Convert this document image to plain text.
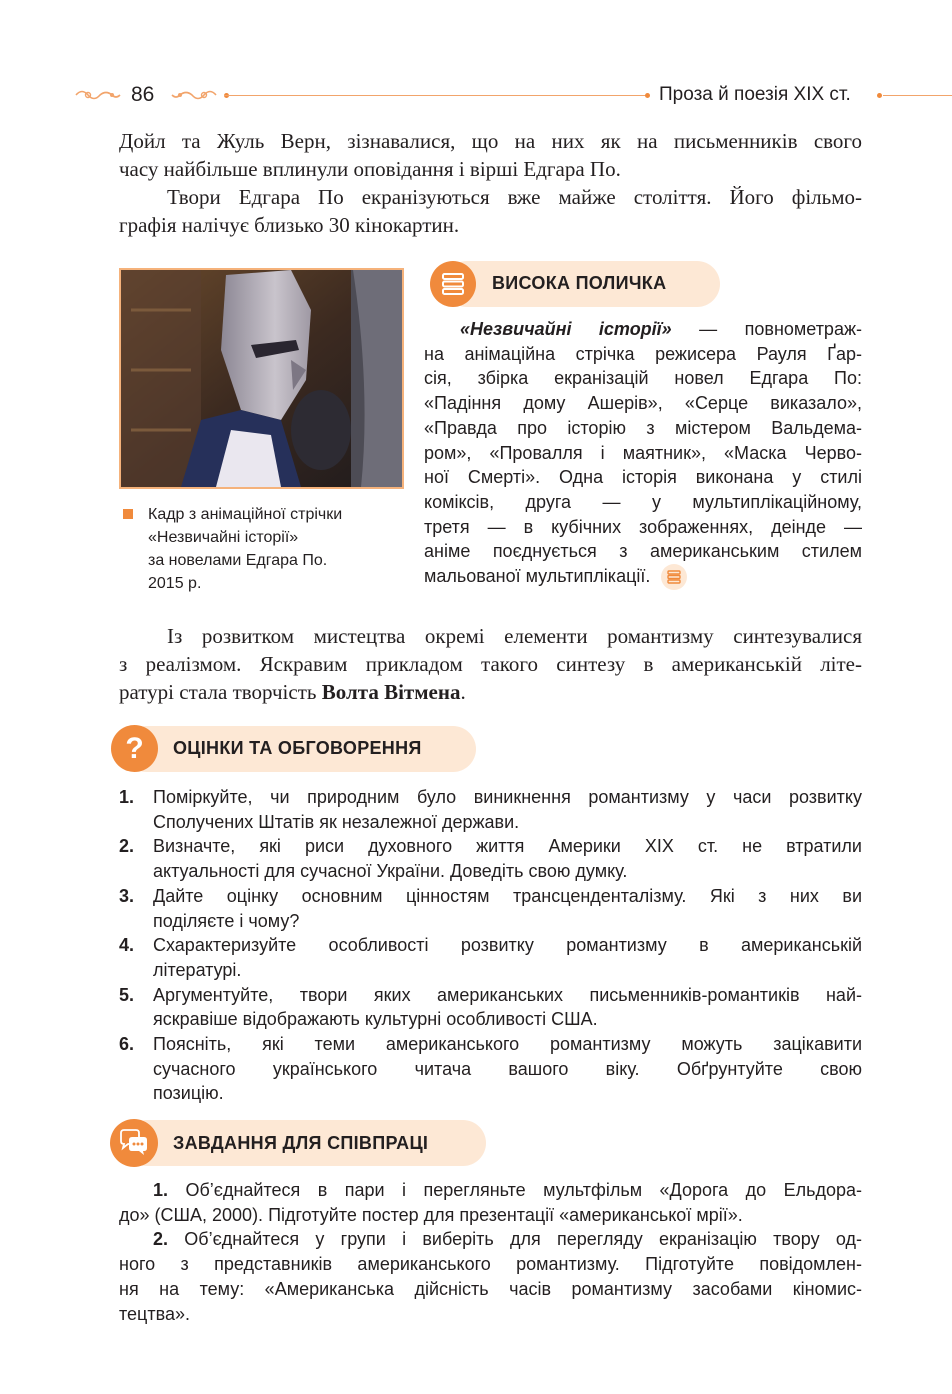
86	Проза й поезія XIX ст.
Дойл та Жуль Верн, зізнавалися, що на них як на письменників свого
часу найбільше вплинули оповідання і вірші Едгара По.
Твори Едгара По екранізуються вже майже століття. Його фільмо-
графія налічує близько 30 кінокартин.
Кадр з анімаційної стрічки
«Незвичайні історії»
за новелами Едгара По.
2015 р.
ВИСОКА ПОЛИЧКА
«Незвичайні історії» — повнометраж-
на анімаційна стрічка режисера Рауля Ґар-
сія, збірка екранізацій новел Едгара По:
«Падіння дому Ашерів», «Серце виказало»,
«Правда про історію з містером Вальдема-
ром», «Провалля і маятник», «Маска Черво-
ної Смерті». Одна історія виконана у стилі
коміксів, друга — у мультиплікаційному,
третя — в кубічних зображеннях, деінде —
аніме поєднується з американським стилем
мальованої мультиплікації.
Із розвитком мистецтва окремі елементи романтизму синтезувалися
з реалізмом. Яскравим прикладом такого синтезу в американській літе-
ратурі стала творчість Волта Вітмена.
? ОЦІНКИ ТА ОБГОВОРЕННЯ
1. Поміркуйте, чи природним було виникнення романтизму у часи розвитку
Сполучених Штатів як незалежної держави.
2. Визначте, які риси духовного життя Америки XIX ст. не втратили
актуальності для сучасної України. Доведіть свою думку.
3. Дайте оцінку основним цінностям трансценденталізму. Які з них ви
поділяєте і чому?
4. Схарактеризуйте особливості розвитку романтизму в американській
літературі.
5. Аргументуйте, твори яких американських письменників-романтиків най-
яскравіше відображають культурні особливості США.
6. Поясніть, які теми американського романтизму можуть зацікавити
сучасного українського читача вашого віку. Обґрунтуйте свою
позицію.
ЗАВДАННЯ ДЛЯ СПІВПРАЦІ
1. Об’єднайтеся в пари і перегляньте мультфільм «Дорога до Ельдора-
до» (США, 2000). Підготуйте постер для презентації «американської мрії».
2. Об’єднайтеся у групи і виберіть для перегляду екранізацію твору од-
ного з представників американського романтизму. Підготуйте повідомлен-
ня на тему: «Американська дійсність часів романтизму засобами кіномис-
тецтва».
